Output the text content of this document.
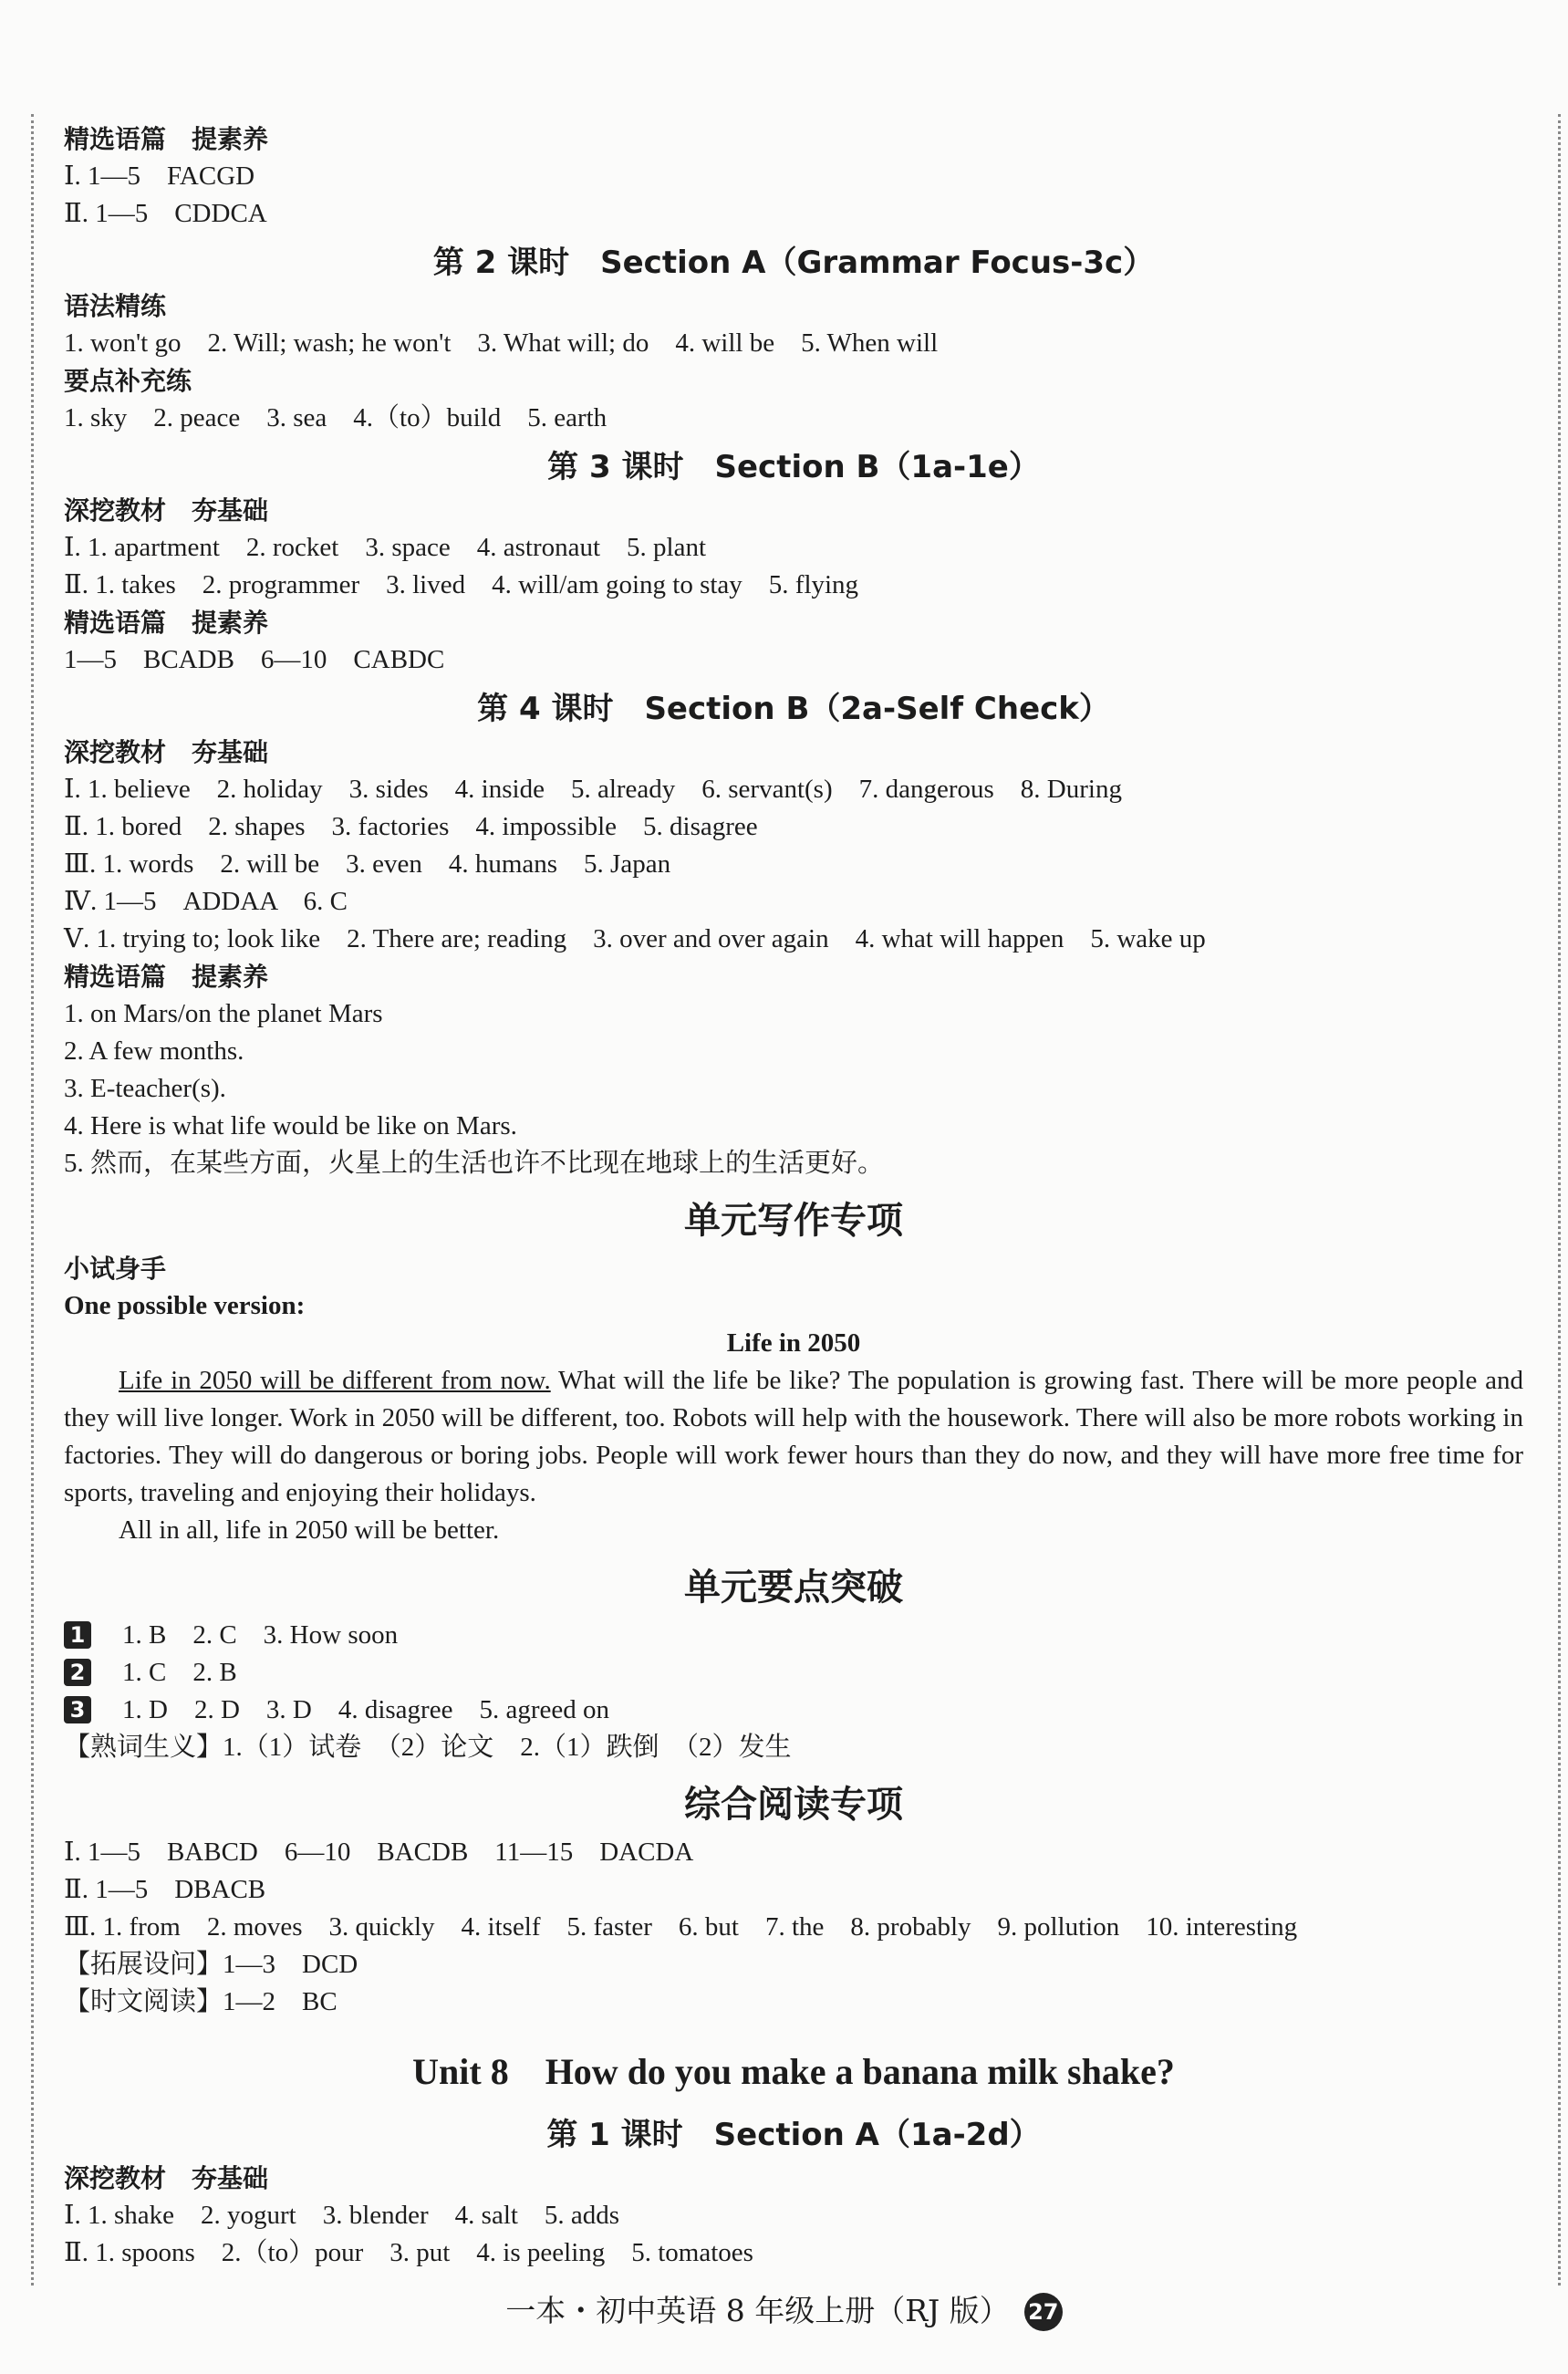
精选语篇　提素养
Ⅰ. 1—5　FACGD
Ⅱ. 1—5　CDDCA
第 2 课时　Section A（Grammar Focus-3c）
语法精练
1. won't go　2. Will; wash; he won't　3. What will; do　4. will be　5. When will
要点补充练
1. sky　2. peace　3. sea　4.（to）build　5. earth
第 3 课时　Section B（1a-1e）
深挖教材　夯基础
Ⅰ. 1. apartment　2. rocket　3. space　4. astronaut　5. plant
Ⅱ. 1. takes　2. programmer　3. lived　4. will/am going to stay　5. flying
精选语篇　提素养
1—5　BCADB　6—10　CABDC
第 4 课时　Section B（2a-Self Check）
深挖教材　夯基础
Ⅰ. 1. believe　2. holiday　3. sides　4. inside　5. already　6. servant(s)　7. dangerous　8. During
Ⅱ. 1. bored　2. shapes　3. factories　4. impossible　5. disagree
Ⅲ. 1. words　2. will be　3. even　4. humans　5. Japan
Ⅳ. 1—5　ADDAA　6. C
Ⅴ. 1. trying to; look like　2. There are; reading　3. over and over again　4. what will happen　5. wake up
精选语篇　提素养
1. on Mars/on the planet Mars
2. A few months.
3. E-teacher(s).
4. Here is what life would be like on Mars.
5. 然而，在某些方面，火星上的生活也许不比现在地球上的生活更好。
单元写作专项
小试身手
One possible version:
Life in 2050
Life in 2050 will be different from now. What will the life be like? The population is growing fast. There will be more people and they will live longer. Work in 2050 will be different, too. Robots will help with the housework. There will also be more robots working in factories. They will do dangerous or boring jobs. People will work fewer hours than they do now, and they will have more free time for sports, traveling and enjoying their holidays.
All in all, life in 2050 will be better.
单元要点突破
1 1. B　2. C　3. How soon
2 1. C　2. B
3 1. D　2. D　3. D　4. disagree　5. agreed on
【熟词生义】1.（1）试卷　（2）论文　2.（1）跌倒　（2）发生
综合阅读专项
Ⅰ. 1—5　BABCD　6—10　BACDB　11—15　DACDA
Ⅱ. 1—5　DBACB
Ⅲ. 1. from　2. moves　3. quickly　4. itself　5. faster　6. but　7. the　8. probably　9. pollution　10. interesting
【拓展设问】1—3　DCD
【时文阅读】1—2　BC
Unit 8　How do you make a banana milk shake?
第 1 课时　Section A（1a-2d）
深挖教材　夯基础
Ⅰ. 1. shake　2. yogurt　3. blender　4. salt　5. adds
Ⅱ. 1. spoons　2.（to）pour　3. put　4. is peeling　5. tomatoes
一本・初中英语 8 年级上册（RJ 版） 27
